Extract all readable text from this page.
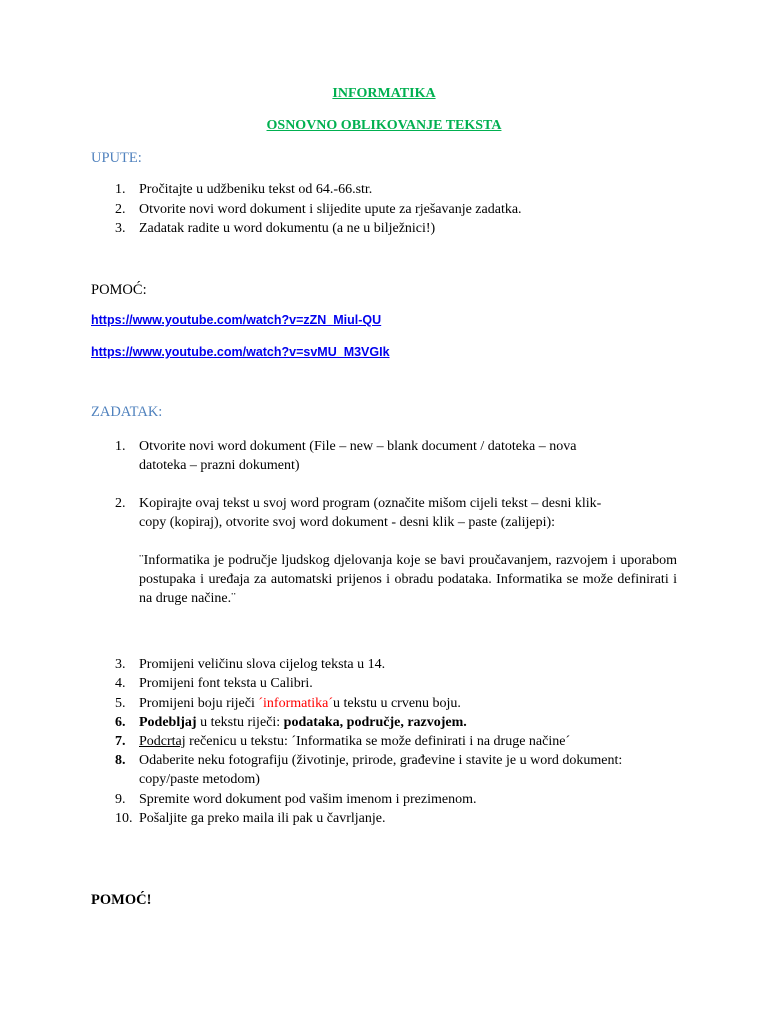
INFORMATIKA
OSNOVNO OBLIKOVANJE TEKSTA
UPUTE:
1. Pročitajte u udžbeniku tekst od 64.-66.str.
2. Otvorite novi word dokument i slijedite upute za rješavanje zadatka.
3. Zadatak radite u word dokumentu (a ne u bilježnici!)
POMOĆ:
https://www.youtube.com/watch?v=zZN_Miul-QU
https://www.youtube.com/watch?v=svMU_M3VGIk
ZADATAK:
1. Otvorite novi word dokument (File – new – blank document / datoteka – nova
datoteka – prazni dokument)
2. Kopirajte ovaj tekst u svoj word program (označite mišom cijeli tekst – desni klik-
copy (kopiraj), otvorite svoj word dokument - desni klik – paste (zalijepi):
¨Informatika je područje ljudskog djelovanja koje se bavi proučavanjem, razvojem i uporabom postupaka i uređaja za automatski prijenos i obradu podataka. Informatika se može definirati i na druge načine.¨
3. Promijeni veličinu slova cijelog teksta u 14.
4. Promijeni font teksta u Calibri.
5. Promijeni boju riječi ´informatika´u tekstu u crvenu boju.
6. Podebljaj u tekstu riječi: podataka, područje, razvojem.
7. Podcrtaj rečenicu u tekstu: ´Informatika se može definirati i na druge načine´
8. Odaberite neku fotografiju (životinje, prirode, građevine i stavite je u word dokument:
copy/paste metodom)
9. Spremite word dokument pod vašim imenom i prezimenom.
10. Pošaljite ga preko maila ili pak u čavrljanje.
POMOĆ!
